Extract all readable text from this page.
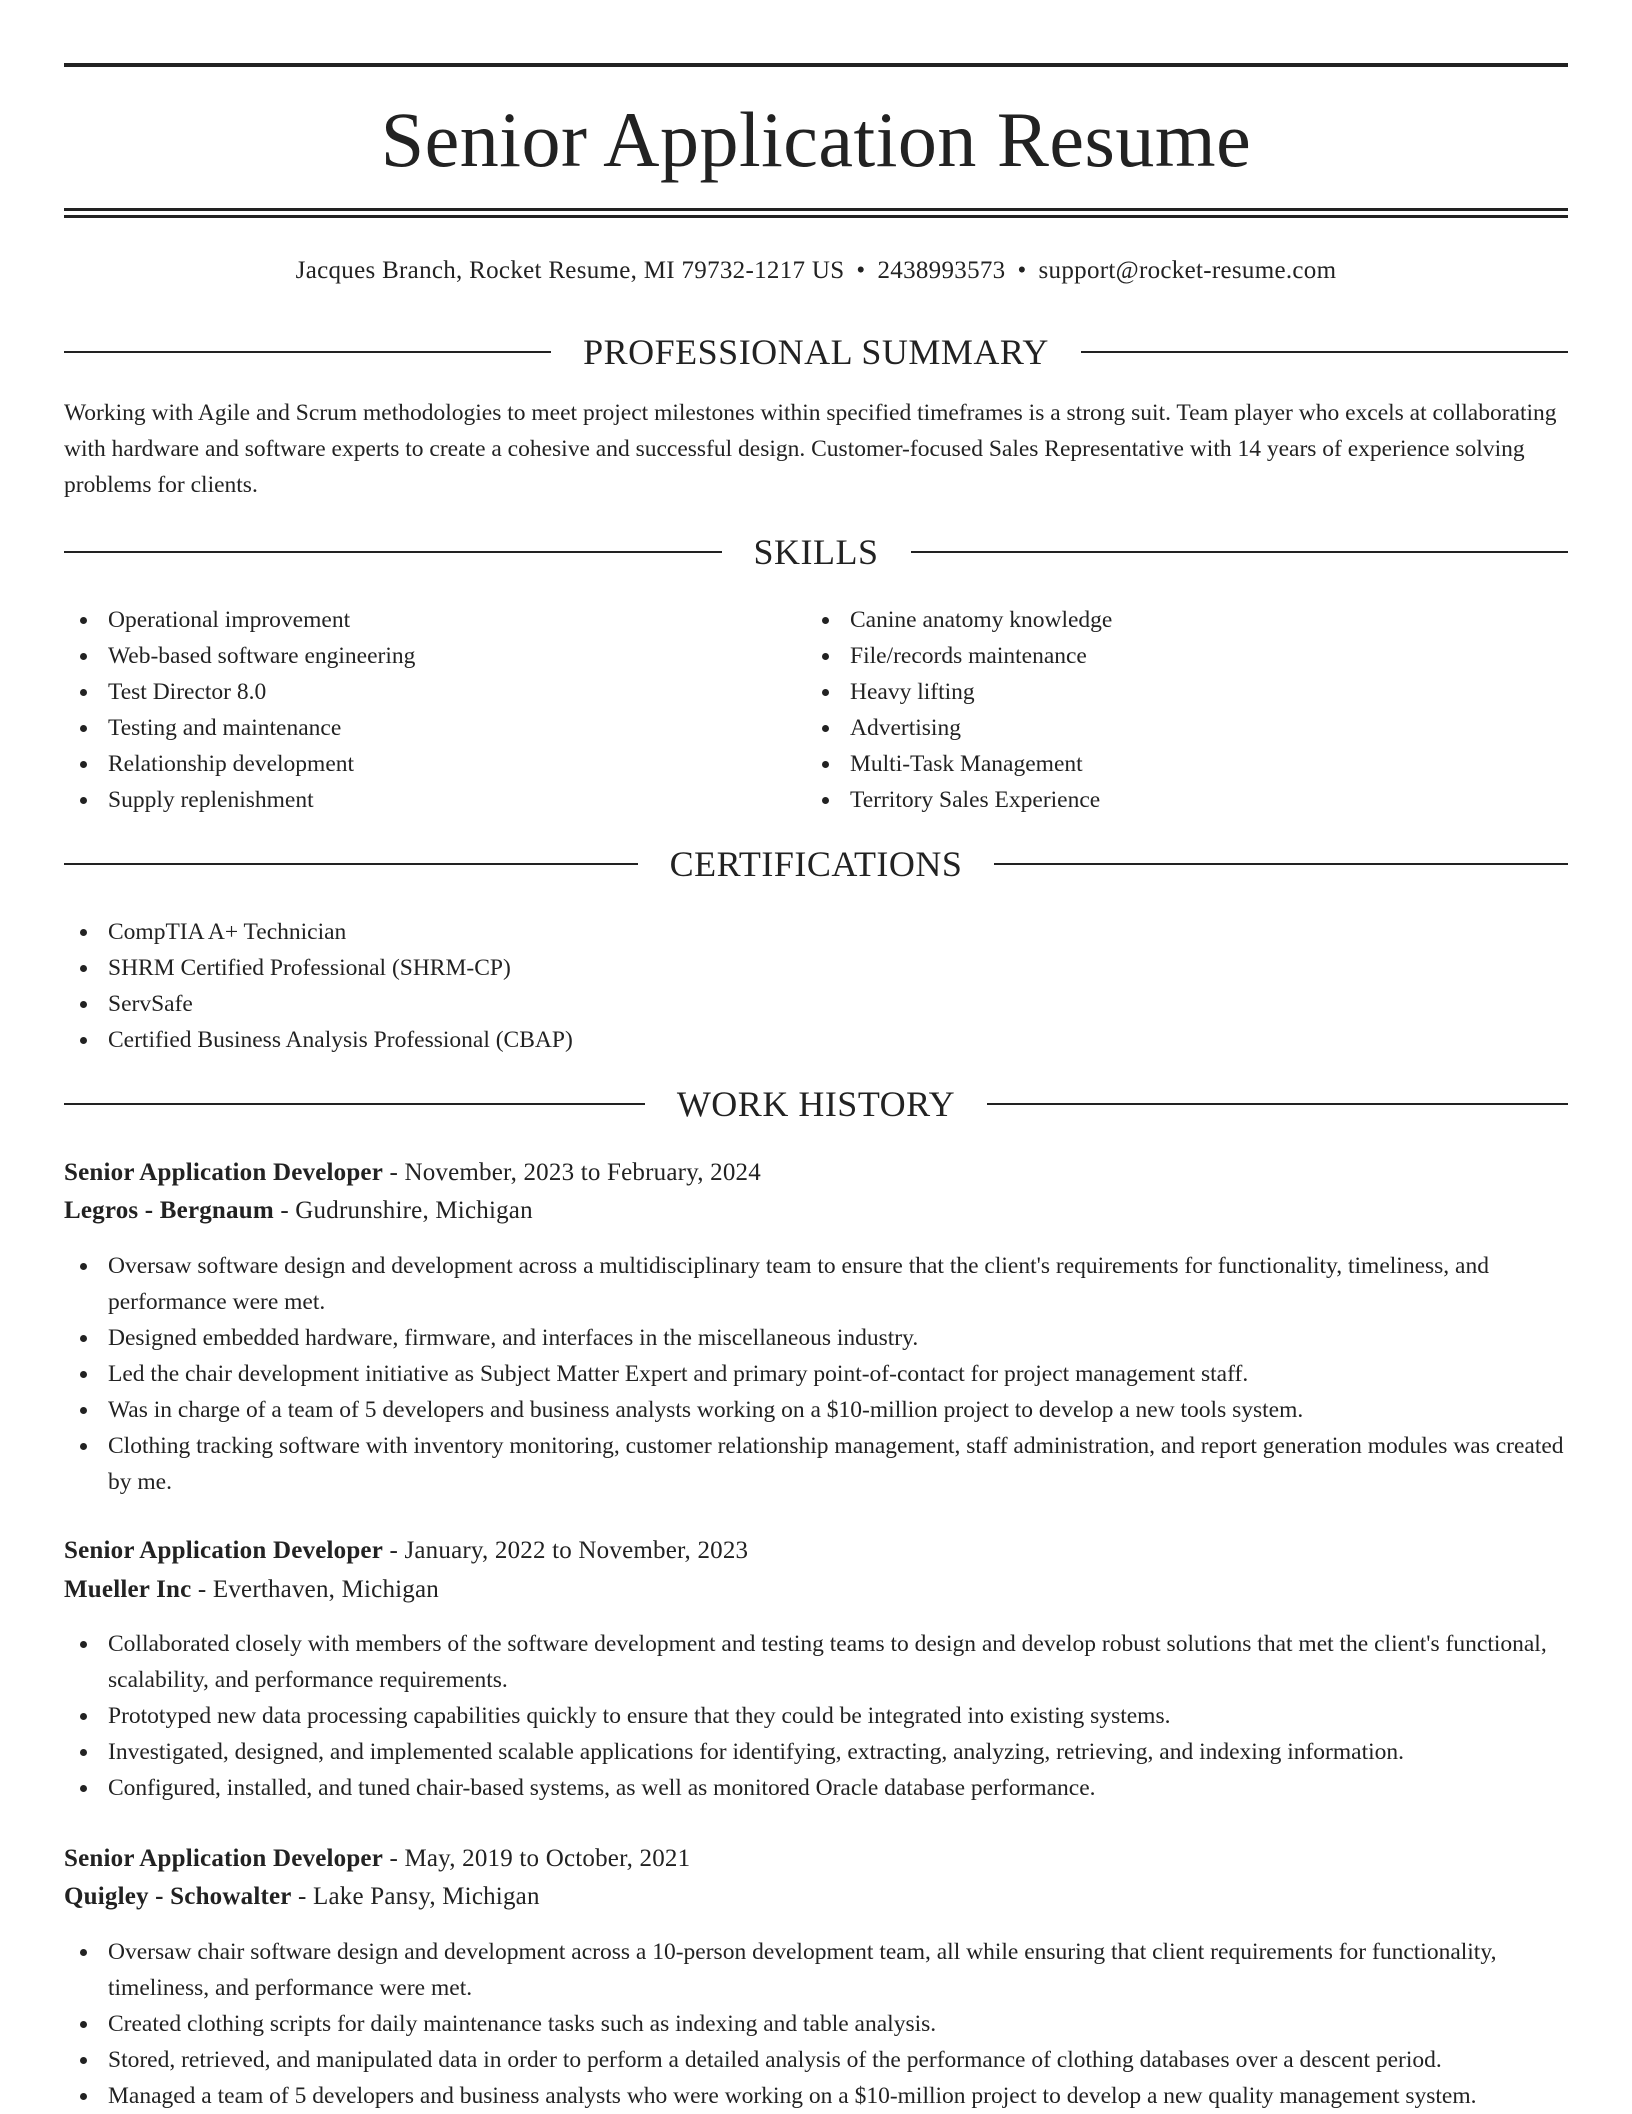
Senior Application Resume
Jacques Branch, Rocket Resume, MI 79732-1217 US • 2438993573 • support@rocket-resume.com
PROFESSIONAL SUMMARY

Working with Agile and Scrum methodologies to meet project milestones within specified timeframes is a strong suit. Team player who excels at collaborating with hardware and software experts to create a cohesive and successful design. Customer-focused Sales Representative with 14 years of experience solving problems for clients.

SKILLS
Operational improvement
Web-based software engineering
Test Director 8.0
Testing and maintenance
Relationship development
Supply replenishment
Canine anatomy knowledge
File/records maintenance
Heavy lifting
Advertising
Multi-Task Management
Territory Sales Experience
CERTIFICATIONS
CompTIA A+ Technician
SHRM Certified Professional (SHRM-CP)
ServSafe
Certified Business Analysis Professional (CBAP)
WORK HISTORY
Senior Application Developer - November, 2023 to February, 2024
Legros - Bergnaum - Gudrunshire, Michigan
Oversaw software design and development across a multidisciplinary team to ensure that the client's requirements for functionality, timeliness, and performance were met.
Designed embedded hardware, firmware, and interfaces in the miscellaneous industry.
Led the chair development initiative as Subject Matter Expert and primary point-of-contact for project management staff.
Was in charge of a team of 5 developers and business analysts working on a $10-million project to develop a new tools system.
Clothing tracking software with inventory monitoring, customer relationship management, staff administration, and report generation modules was created by me.
Senior Application Developer - January, 2022 to November, 2023
Mueller Inc - Everthaven, Michigan
Collaborated closely with members of the software development and testing teams to design and develop robust solutions that met the client's functional, scalability, and performance requirements.
Prototyped new data processing capabilities quickly to ensure that they could be integrated into existing systems.
Investigated, designed, and implemented scalable applications for identifying, extracting, analyzing, retrieving, and indexing information.
Configured, installed, and tuned chair-based systems, as well as monitored Oracle database performance.
Senior Application Developer - May, 2019 to October, 2021
Quigley - Schowalter - Lake Pansy, Michigan
Oversaw chair software design and development across a 10-person development team, all while ensuring that client requirements for functionality, timeliness, and performance were met.
Created clothing scripts for daily maintenance tasks such as indexing and table analysis.
Stored, retrieved, and manipulated data in order to perform a detailed analysis of the performance of clothing databases over a descent period.
Managed a team of 5 developers and business analysts who were working on a $10-million project to develop a new quality management system.
